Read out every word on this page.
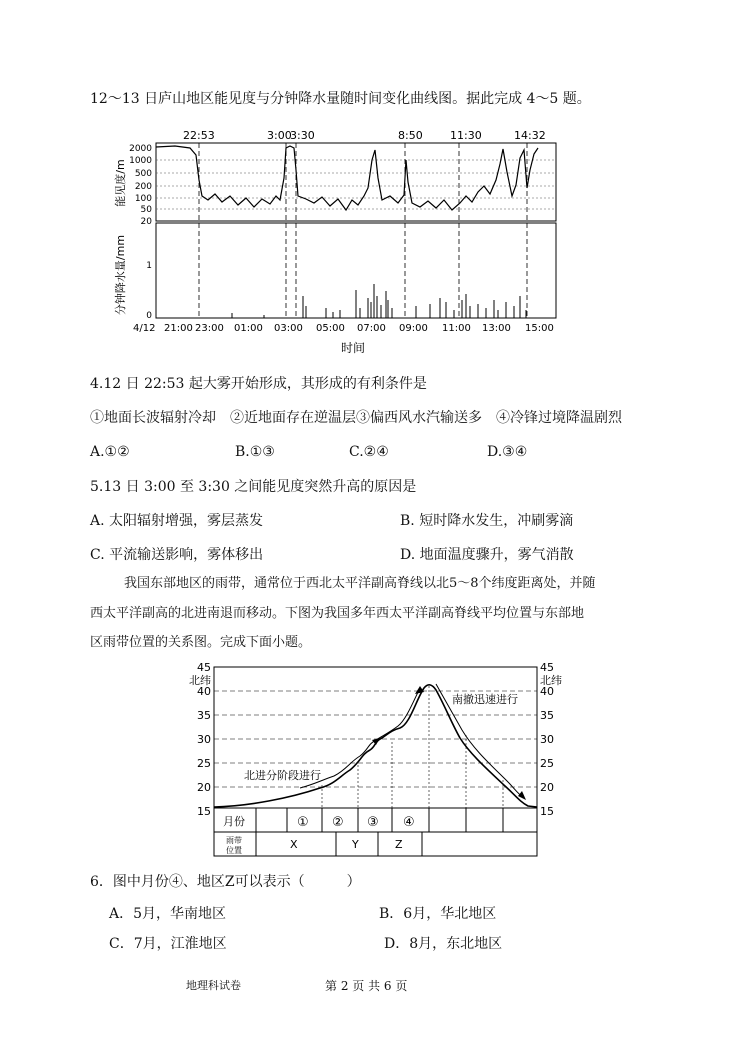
12～13 日庐山地区能见度与分钟降水量随时间变化曲线图。据此完成 4～5 题。
22:53	3:00
3:30	8:50 11:30	14:32
能见度/m
分钟降水量/mm
2000
1000
500
200
100
50
20
1
0
4/12 21:00 23:00 01:00 03:00 05:00 07:00 09:00 11:00 13:00 15:00
时间
4.12 日 22:53 起大雾开始形成，其形成的有利条件是
①地面长波辐射冷却　②近地面存在逆温层③偏西风水汽输送多　④冷锋过境降温剧烈
A.①②	B.①③	C.②④	D.③④
5.13 日 3:00 至 3:30 之间能见度突然升高的原因是
A. 太阳辐射增强，雾层蒸发	B. 短时降水发生，冲刷雾滴
C. 平流输送影响，雾体移出	D. 地面温度骤升，雾气消散
我国东部地区的雨带，通常位于西北太平洋副高脊线以北5～8个纬度距离处，并随
西太平洋副高的北进南退而移动。下图为我国多年西太平洋副高脊线平均位置与东部地
区雨带位置的关系图。完成下面小题。
45
北纬
40
35
30
25
20
15
45
北纬
40
35
30
25
20
15
北进分阶段进行
南撤迅速进行
月份	① ② ③ ④
雨带
位置	X	Y	Z
6．图中月份④、地区Z可以表示（　　　）
A．5月，华南地区	B．6月，华北地区
C．7月，江淮地区	D．8月，东北地区
地理科试卷	第 2 页 共 6 页
